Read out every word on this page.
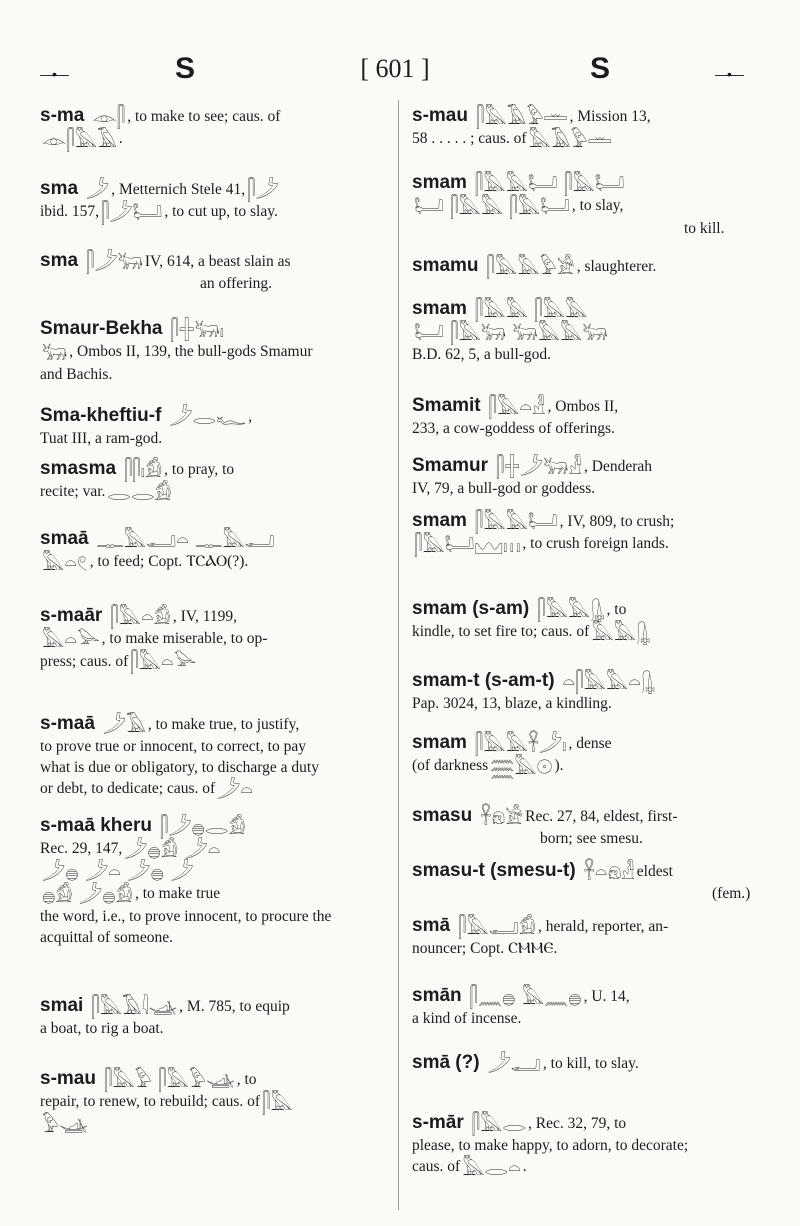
—•—	S	[ 601 ]	S	—•—
s-ma 𓁹𓋴 , to make to see; caus. of
𓁹𓋴𓅓𓄿 .
sma 𓌳 , Metternich Stele 41, 𓋴𓌳
ibid. 157, 𓋴𓌳𓂡 , to cut up, to slay.
sma 𓋴𓌳𓃒 IV, 614, a beast slain as
an offering.
Smaur-Bekha 𓋴𓏶𓃒𓏤
𓃒 , Ombos II, 139, the bull-gods Smamur
and Bachis.
Sma-kheftiu-f 𓌳𓂋𓆑 ,
Tuat III, a ram-god.
smasma 𓋴𓋴𓏤𓀁 , to pray, to
recite; var. 𓂋𓂋𓀁
smaā 𓊃𓅓𓂝𓏏 𓊃𓅓𓂝
𓅓𓏏𓏲 , to feed; Copt. ⲦⲤⲀⲞ(?).
s-maār 𓋴𓅓𓏏𓀁 , IV, 1199,
𓅓𓏏𓅪 , to make miserable, to op-
press; caus. of 𓋴𓅓𓏏𓅪
s-maā 𓌳𓄿 , to make true, to justify,
to prove true or innocent, to correct, to pay
what is due or obligatory, to discharge a duty
or debt, to dedicate; caus. of 𓌳𓏏
s-maā kheru 𓋴𓌳𓐍𓂋𓀁
Rec. 29, 147, 𓌳𓐍𓀁 𓌳𓏏
𓌳𓐍 𓌳𓏏 𓌳𓐍 𓌳
𓐍𓀁 𓌳𓐍𓀁 , to make true
the word, i.e., to prove innocent, to procure the
acquittal of someone.
smai 𓋴𓅓𓄿𓇋𓊛 , M. 785, to equip
a boat, to rig a boat.
s-mau 𓋴𓅓𓅱 𓋴𓅓𓅱𓊛 , to
repair, to renew, to rebuild; caus. of 𓋴𓅓
𓅱𓊛
s-mau 𓋴𓅓𓄿𓅱𓏛 , Mission 13,
58 . . . . . ; caus. of 𓅓𓄿𓅱𓏛
smam 𓋴𓅓𓅓𓂡 𓋴𓅓𓂡
𓂡 𓋴𓅓𓅓 𓋴𓅓𓂡 , to slay,
to kill.
smamu 𓋴𓅓𓅓𓅱𓀀 , slaughterer.
smam 𓋴𓅓𓅓 𓋴𓅓𓅓
𓂡 𓋴𓅓𓃒 𓃒𓅓𓅓𓃒
B.D. 62, 5, a bull-god.
Smamit 𓋴𓅓𓏏𓁐 , Ombos II,
233, a cow-goddess of offerings.
Smamur 𓋴𓏶𓌳𓃒𓁐 , Denderah
IV, 79, a bull-god or goddess.
smam 𓋴𓅓𓅓𓂡 , IV, 809, to crush;
𓋴𓅓𓂡𓈉𓏥 , to crush foreign lands.
smam (s-am) 𓋴𓅓𓅓𓊮 , to
kindle, to set fire to; caus. of 𓅓𓅓𓊮
smam-t (s-am-t) 𓏏𓋴𓅓𓅓𓏏𓊮
Pap. 3024, 13, blaze, a kindling.
smam 𓋴𓅓𓅓𓋹𓌳𓏤 , dense
(of darkness 𓈗𓅓𓇳 ).
smasu 𓋹𓁶𓀀 Rec. 27, 84, eldest, first-
born; see smesu.
smasu-t (smesu-t) 𓋹𓏏𓁶𓁐 eldest
(fem.)
smā 𓋴𓅓𓂝𓀁 , herald, reporter, an-
nouncer; Copt. ⲤⲘⲘⲈ.
smān 𓋴𓈖𓐍 𓅓𓈖𓐍 , U. 14,
a kind of incense.
smā (?) 𓌳𓂝 , to kill, to slay.
s-mār 𓋴𓅓𓂋 , Rec. 32, 79, to
please, to make happy, to adorn, to decorate;
caus. of 𓅓𓂋𓏏 .
